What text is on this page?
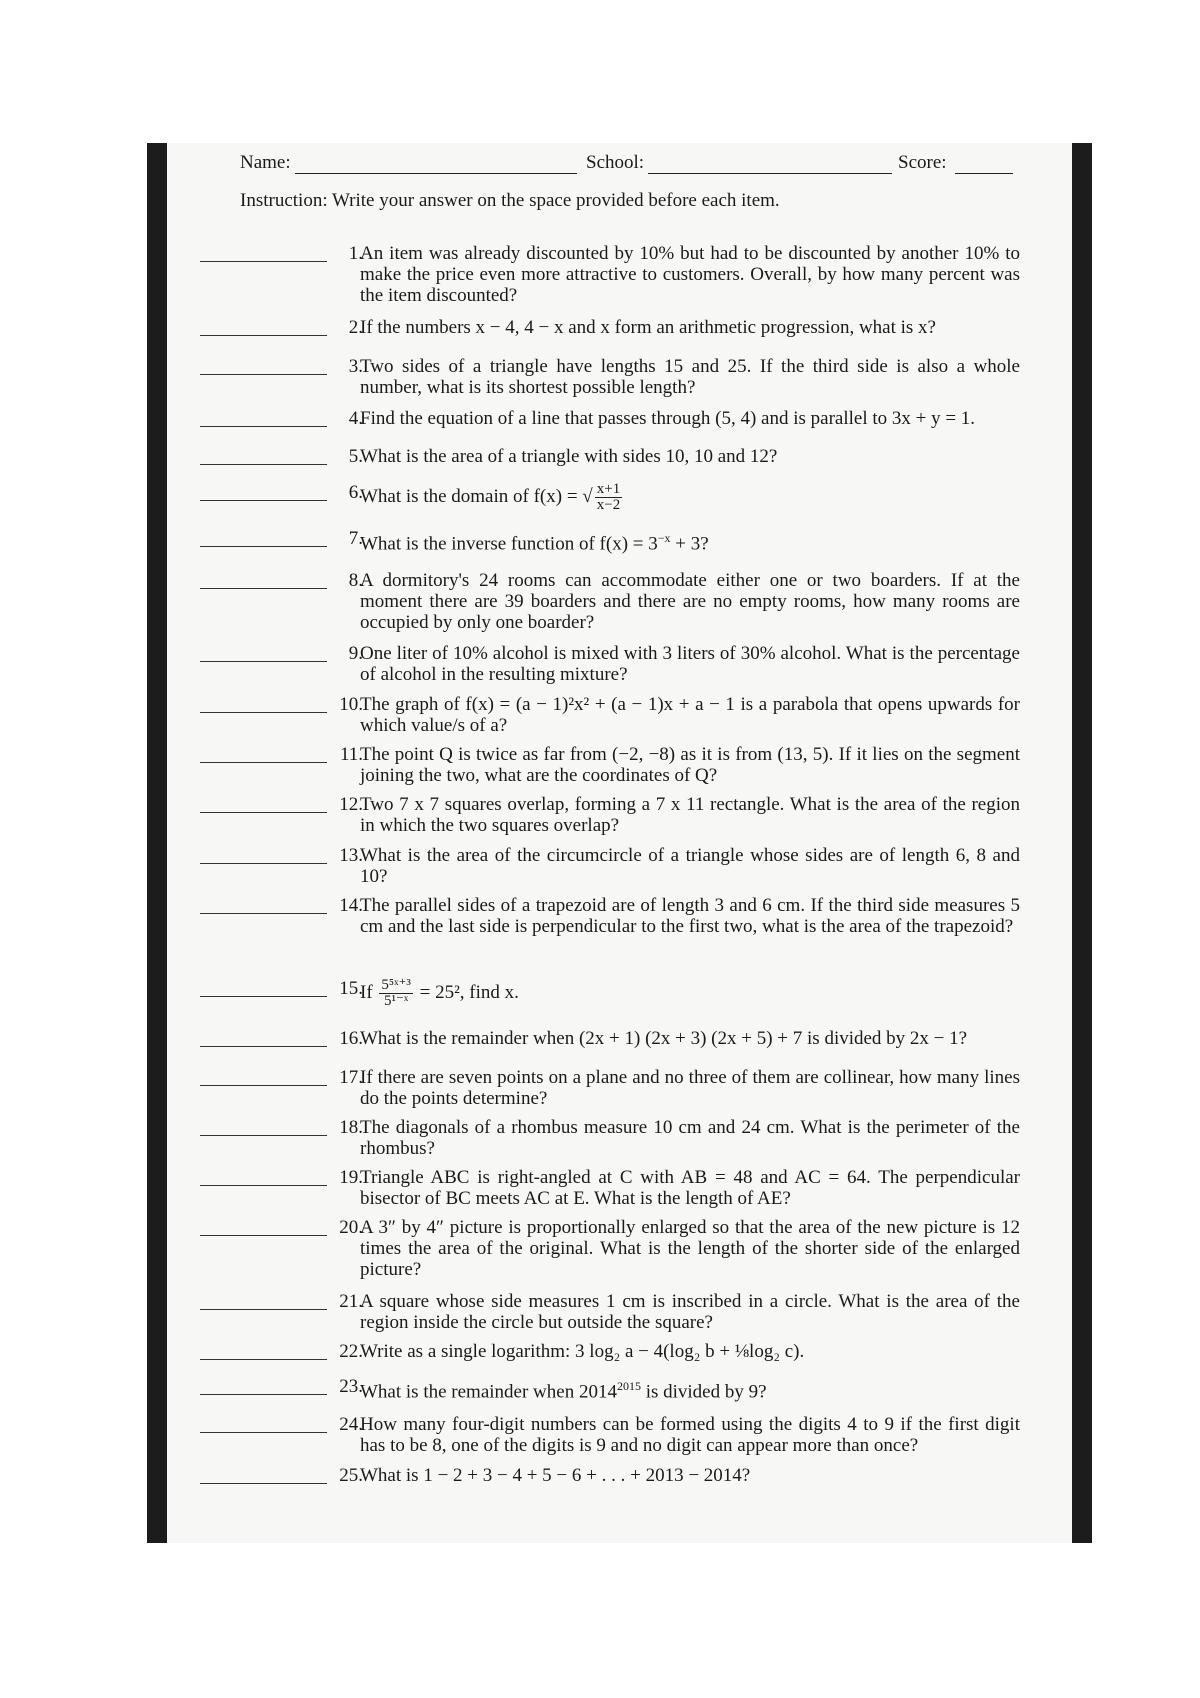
Name:	School:	Score:
Instruction: Write your answer on the space provided before each item.
1.
An item was already discounted by 10% but had to be discounted by another 10% to make the price even more attractive to customers. Overall, by how many percent was the item discounted?
2.
If the numbers x − 4, 4 − x and x form an arithmetic progression, what is x?
3.
Two sides of a triangle have lengths 15 and 25. If the third side is also a whole number, what is its shortest possible length?
4.
Find the equation of a line that passes through (5, 4) and is parallel to 3x + y = 1.
5.
What is the area of a triangle with sides 10, 10 and 12?
6.
What is the domain of f(x) = √ $\frac{x+1}{x-2}$
7.
What is the inverse function of $f(x) = 3^{-x} + 3$?
8.
A dormitory's 24 rooms can accommodate either one or two boarders. If at the moment there are 39 boarders and there are no empty rooms, how many rooms are occupied by only one boarder?
9.
One liter of 10% alcohol is mixed with 3 liters of 30% alcohol. What is the percentage of alcohol in the resulting mixture?
10.
The graph of f(x) = (a − 1)²x² + (a − 1)x + a − 1 is a parabola that opens upwards for which value/s of a?
11.
The point Q is twice as far from (−2, −8) as it is from (13, 5). If it lies on the segment joining the two, what are the coordinates of Q?
12.
Two 7 x 7 squares overlap, forming a 7 x 11 rectangle. What is the area of the region in which the two squares overlap?
13.
What is the area of the circumcircle of a triangle whose sides are of length 6, 8 and 10?
14.
The parallel sides of a trapezoid are of length 3 and 6 cm. If the third side measures 5 cm and the last side is perpendicular to the first two, what is the area of the trapezoid?
15.
If $\frac{\text{5⁵ˣ⁺³}}{\text{5¹⁻ˣ}} = 25^2$, find x.
16.
What is the remainder when (2x + 1) (2x + 3) (2x + 5) + 7 is divided by 2x − 1?
17.
If there are seven points on a plane and no three of them are collinear, how many lines do the points determine?
18.
The diagonals of a rhombus measure 10 cm and 24 cm. What is the perimeter of the rhombus?
19.
Triangle ABC is right-angled at C with AB = 48 and AC = 64. The perpendicular bisector of BC meets AC at E. What is the length of AE?
20.
A 3″ by 4″ picture is proportionally enlarged so that the area of the new picture is 12 times the area of the original. What is the length of the shorter side of the enlarged picture?
21.
A square whose side measures 1 cm is inscribed in a circle. What is the area of the region inside the circle but outside the square?
22.
Write as a single logarithm: 3 log₂ a − 4(log₂ b + ⅛log₂ c).
23.
What is the remainder when $2014^{2015}$ is divided by 9?
24.
How many four-digit numbers can be formed using the digits 4 to 9 if the first digit has to be 8, one of the digits is 9 and no digit can appear more than once?
25.
What is 1 − 2 + 3 − 4 + 5 − 6 + . . . + 2013 − 2014?
